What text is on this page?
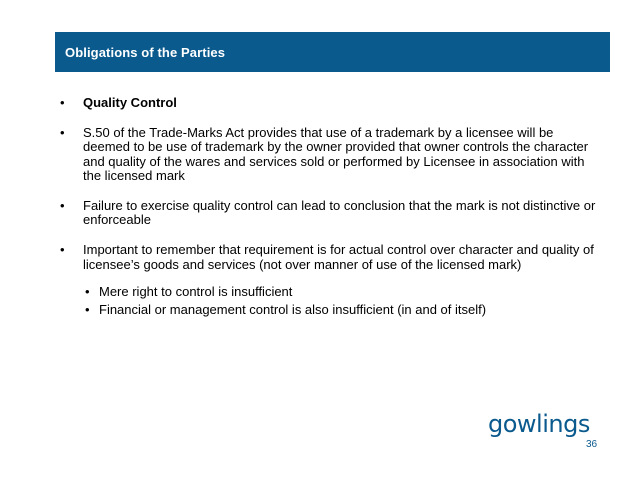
Obligations of the Parties
• Quality Control
• S.50 of the Trade-Marks Act provides that use of a trademark by a licensee will be deemed to be use of trademark by the owner provided that owner controls the character and quality of the wares and services sold or performed by Licensee in association with the licensed mark
• Failure to exercise quality control can lead to conclusion that the mark is not distinctive or enforceable
• Important to remember that requirement is for actual control over character and quality of licensee’s goods and services (not over manner of use of the licensed mark)
• Mere right to control is insufficient
• Financial or management control is also insufficient (in and of itself)
gowlings
36
